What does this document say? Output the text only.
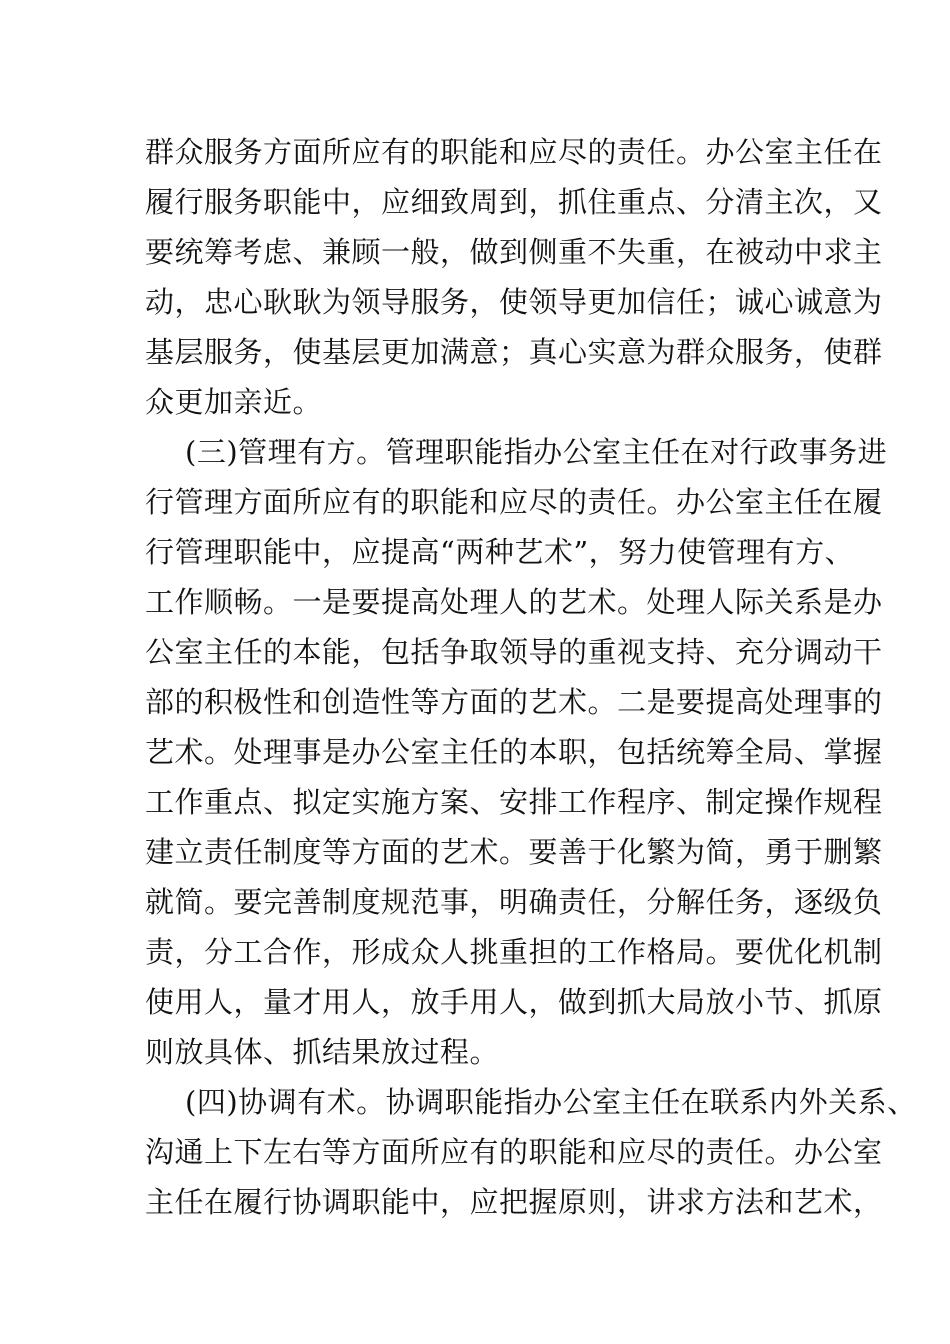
群众服务方面所应有的职能和应尽的责任。办公室主任在
履行服务职能中，应细致周到，抓住重点、分清主次，又
要统筹考虑、兼顾一般，做到侧重不失重，在被动中求主
动，忠心耿耿为领导服务，使领导更加信任；诚心诚意为
基层服务，使基层更加满意；真心实意为群众服务，使群
众更加亲近。
(三)管理有方。管理职能指办公室主任在对行政事务进
行管理方面所应有的职能和应尽的责任。办公室主任在履
行管理职能中，应提高“两种艺术”，努力使管理有方、
工作顺畅。一是要提高处理人的艺术。处理人际关系是办
公室主任的本能，包括争取领导的重视支持、充分调动干
部的积极性和创造性等方面的艺术。二是要提高处理事的
艺术。处理事是办公室主任的本职，包括统筹全局、掌握
工作重点、拟定实施方案、安排工作程序、制定操作规程
建立责任制度等方面的艺术。要善于化繁为简，勇于删繁
就简。要完善制度规范事，明确责任，分解任务，逐级负
责，分工合作，形成众人挑重担的工作格局。要优化机制
使用人，量才用人，放手用人，做到抓大局放小节、抓原
则放具体、抓结果放过程。
(四)协调有术。协调职能指办公室主任在联系内外关系、
沟通上下左右等方面所应有的职能和应尽的责任。办公室
主任在履行协调职能中，应把握原则，讲求方法和艺术，
